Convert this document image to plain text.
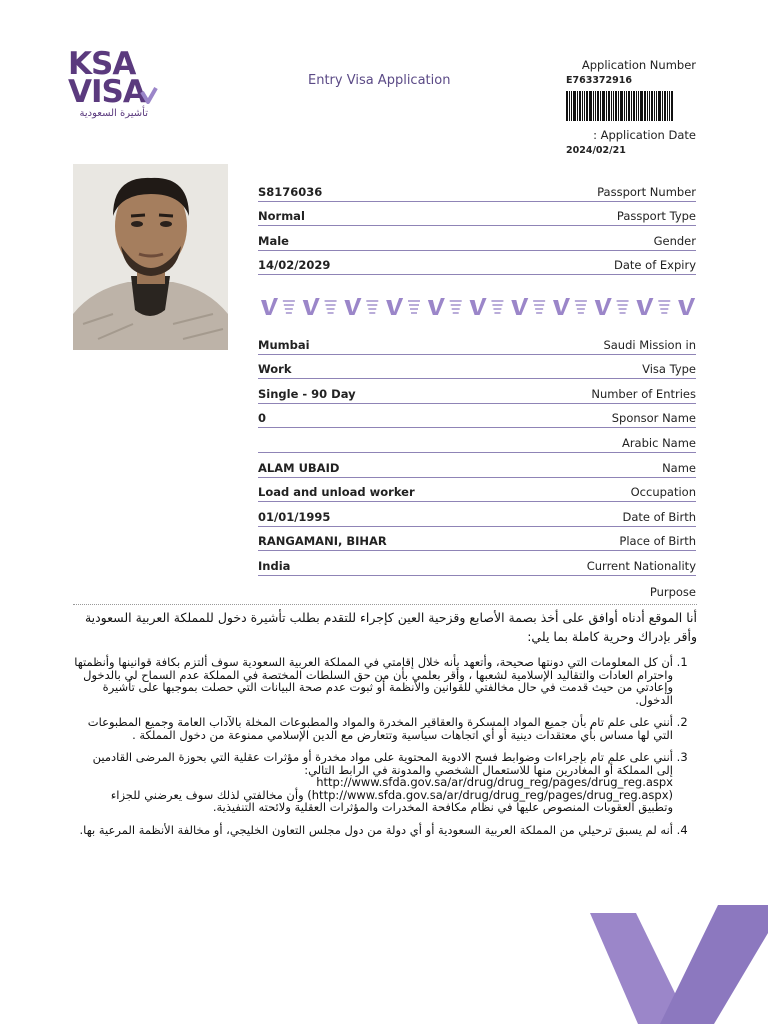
KSA
VISA
تأشيرة السعودية
Entry Visa Application
Application Number
E763372916
: Application Date
2024/02/21
S8176036	Passport Number
Normal	Passport Type
Male	Gender
14/02/2029	Date of Expiry
Mumbai	Saudi Mission in
Work	Visa Type
Single - 90 Day	Number of Entries
0	Sponsor Name
Arabic Name
ALAM UBAID	Name
Load and unload worker	Occupation
01/01/1995	Date of Birth
RANGAMANI, BIHAR	Place of Birth
India	Current Nationality
Purpose
أنا الموقع أدناه أوافق على أخذ بصمة الأصابع وقزحية العين كإجراء للتقدم بطلب تأشيرة دخول للمملكة العربية السعودية وأقر بإدراك وحرية كاملة بما يلي:
1. أن كل المعلومات التي دونتها صحيحة، وأتعهد بأنه خلال إقامتي في المملكة العربية السعودية سوف ألتزم بكافة قوانينها وأنظمتها واحترام العادات والتقاليد الإسلامية لشعبها ، وأقر بعلمي بأن من حق السلطات المختصة في المملكة عدم السماح لي بالدخول وإعادتي من حيث قدمت في حال مخالفتي للقوانين والأنظمة أو ثبوت عدم صحة البيانات التي حصلت بموجبها على تأشيرة الدخول.
2. أنني على علم تام بأن جميع المواد المسكرة والعقاقير المخدرة والمواد والمطبوعات المخلة بالآداب العامة وجميع المطبوعات التي لها مساس بأي معتقدات دينية أو أي اتجاهات سياسية وتتعارض مع الدين الإسلامي ممنوعة من دخول المملكة .
3. أنني على علم تام بإجراءات وضوابط فسح الادوية المحتوية على مواد مخدرة أو مؤثرات عقلية التي بحوزة المرضى القادمين إلى المملكة أو المغادرين منها للاستعمال الشخصي والمدونة في الرابط التالي: http://www.sfda.gov.sa/ar/drug/drug_reg/pages/drug_reg.aspx (http://www.sfda.gov.sa/ar/drug/drug_reg/pages/drug_reg.aspx) وأن مخالفتي لذلك سوف يعرضني للجزاء وتطبيق العقوبات المنصوص عليها في نظام مكافحة المخدرات والمؤثرات العقلية ولائحته التنفيذية.
4. أنه لم يسبق ترحيلي من المملكة العربية السعودية أو أي دولة من دول مجلس التعاون الخليجي، أو مخالفة الأنظمة المرعية بها.
